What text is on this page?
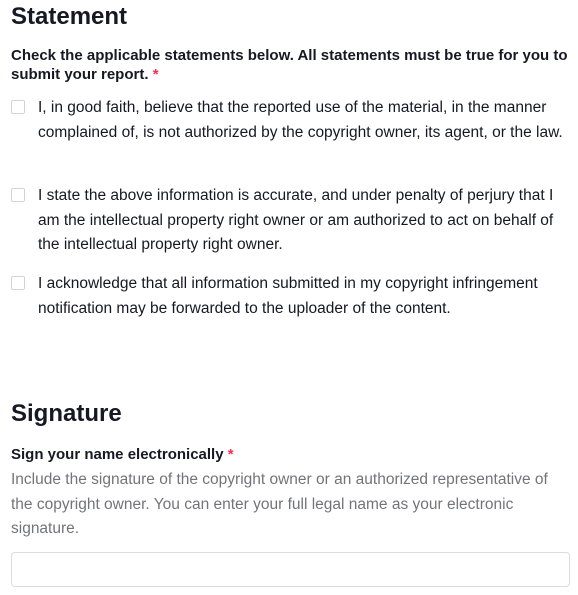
Statement
Check the applicable statements below. All statements must be true for you to submit your report. *
I, in good faith, believe that the reported use of the material, in the manner complained of, is not authorized by the copyright owner, its agent, or the law.
I state the above information is accurate, and under penalty of perjury that I am the intellectual property right owner or am authorized to act on behalf of the intellectual property right owner.
I acknowledge that all information submitted in my copyright infringement notification may be forwarded to the uploader of the content.
Signature
Sign your name electronically *
Include the signature of the copyright owner or an authorized representative of the copyright owner. You can enter your full legal name as your electronic signature.
